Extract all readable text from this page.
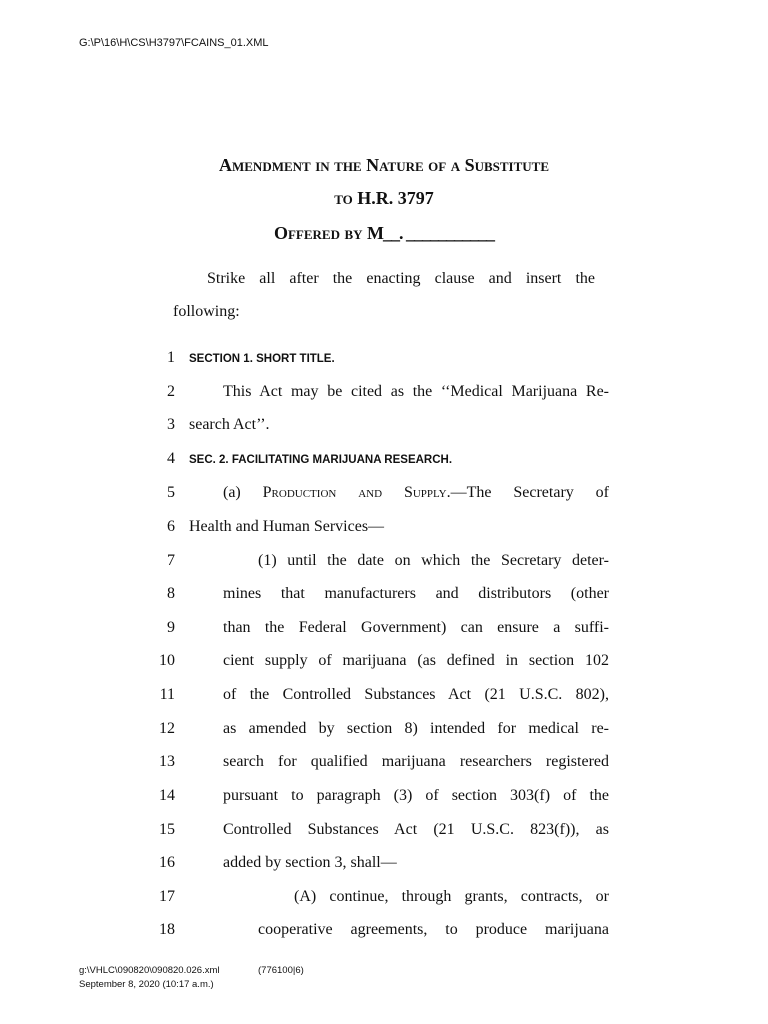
G:\P\16\H\CS\H3797\FCAINS_01.XML
Amendment in the Nature of a Substitute
to H.R. 3797
Offered by M__. ___________
Strike all after the enacting clause and insert the
following:
1 SECTION 1. SHORT TITLE.
2	This Act may be cited as the ‘‘Medical Marijuana Re-
3 search Act’’.
4 SEC. 2. FACILITATING MARIJUANA RESEARCH.
5	(a) Production and Supply.—The Secretary of
6 Health and Human Services—
7	(1) until the date on which the Secretary deter-
8	mines that manufacturers and distributors (other
9	than the Federal Government) can ensure a suffi-
10	cient supply of marijuana (as defined in section 102
11	of the Controlled Substances Act (21 U.S.C. 802),
12	as amended by section 8) intended for medical re-
13	search for qualified marijuana researchers registered
14	pursuant to paragraph (3) of section 303(f) of the
15	Controlled Substances Act (21 U.S.C. 823(f)), as
16	added by section 3, shall—
17	(A) continue, through grants, contracts, or
18	cooperative agreements, to produce marijuana
g:\VHLC\090820\090820.026.xml	(776100|6)
September 8, 2020 (10:17 a.m.)
